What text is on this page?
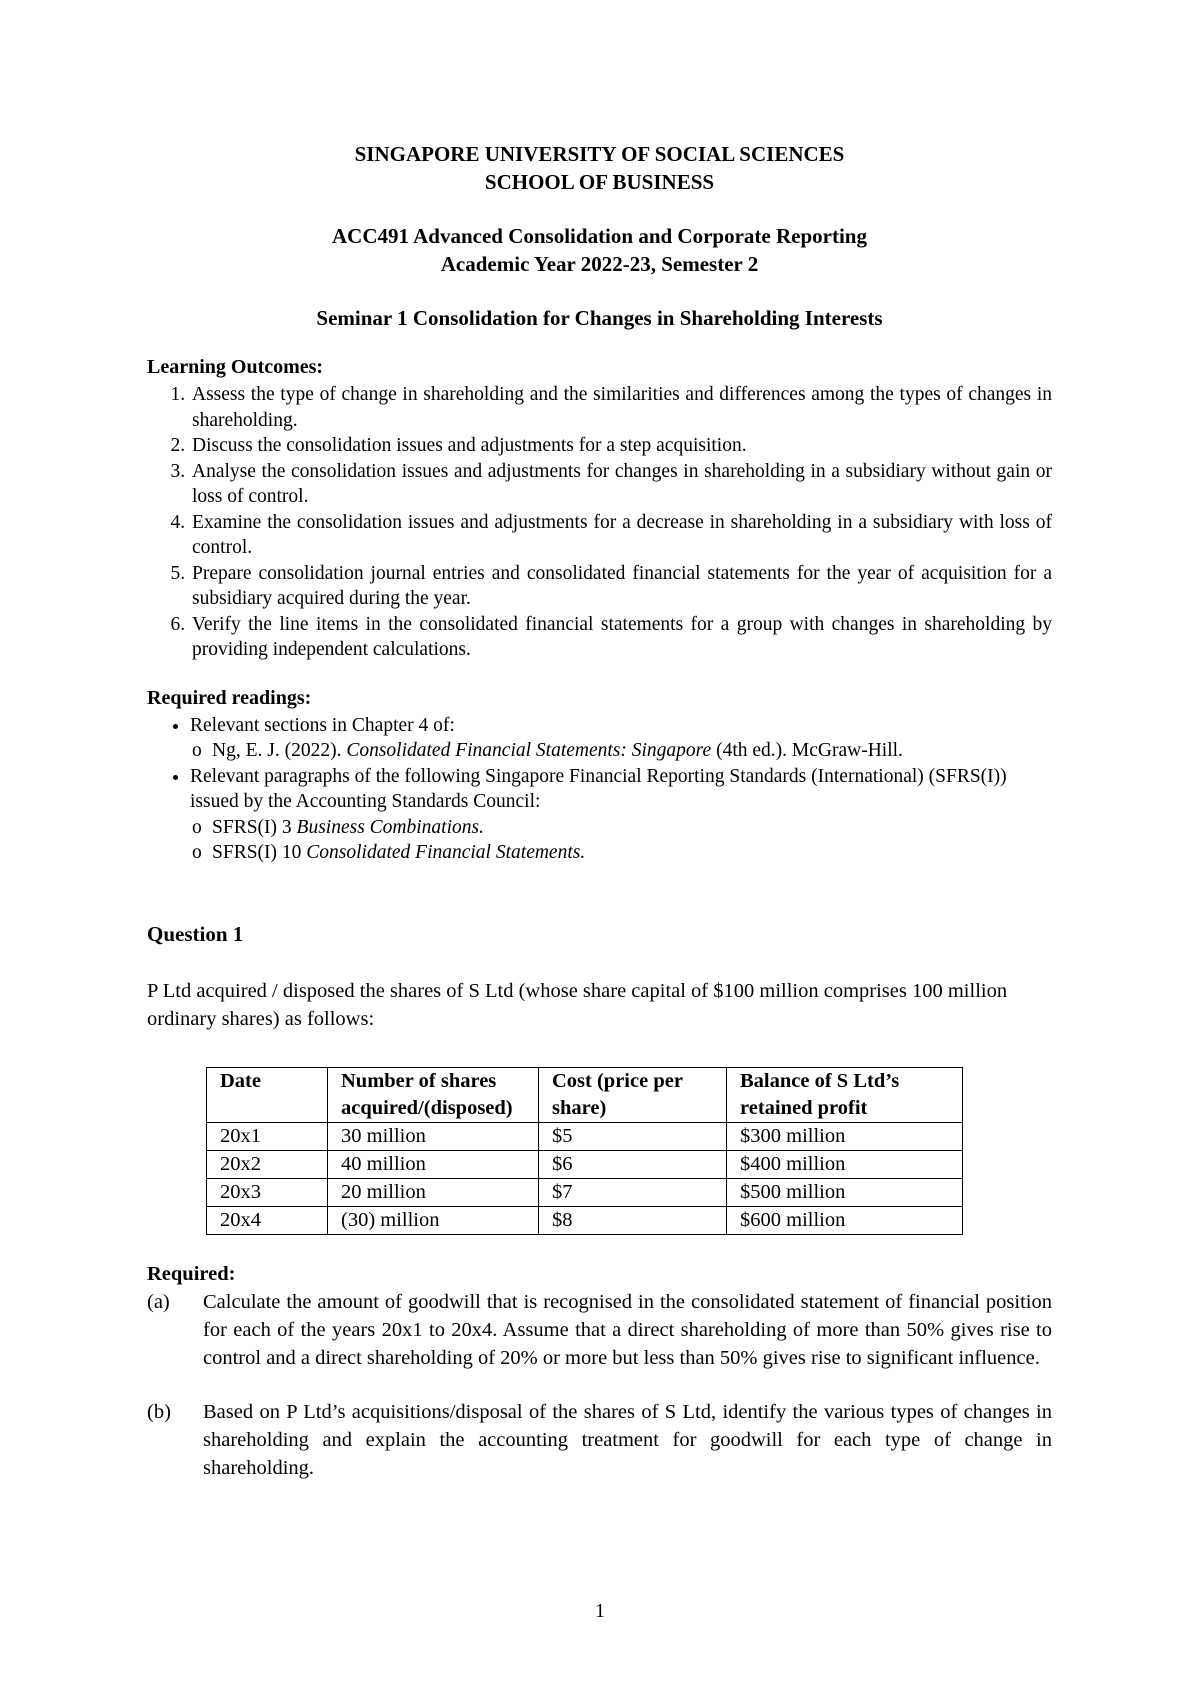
SINGAPORE UNIVERSITY OF SOCIAL SCIENCES
SCHOOL OF BUSINESS
ACC491 Advanced Consolidation and Corporate Reporting
Academic Year 2022-23, Semester 2
Seminar 1 Consolidation for Changes in Shareholding Interests
Learning Outcomes:
1. Assess the type of change in shareholding and the similarities and differences among the types of changes in shareholding.
2. Discuss the consolidation issues and adjustments for a step acquisition.
3. Analyse the consolidation issues and adjustments for changes in shareholding in a subsidiary without gain or loss of control.
4. Examine the consolidation issues and adjustments for a decrease in shareholding in a subsidiary with loss of control.
5. Prepare consolidation journal entries and consolidated financial statements for the year of acquisition for a subsidiary acquired during the year.
6. Verify the line items in the consolidated financial statements for a group with changes in shareholding by providing independent calculations.
Required readings:
• Relevant sections in Chapter 4 of:
o Ng, E. J. (2022). Consolidated Financial Statements: Singapore (4th ed.). McGraw-Hill.
• Relevant paragraphs of the following Singapore Financial Reporting Standards (International) (SFRS(I)) issued by the Accounting Standards Council:
o SFRS(I) 3 Business Combinations.
o SFRS(I) 10 Consolidated Financial Statements.
Question 1
P Ltd acquired / disposed the shares of S Ltd (whose share capital of $100 million comprises 100 million ordinary shares) as follows:
Date	Number of shares acquired/(disposed)	Cost (price per share)	Balance of S Ltd’s retained profit
20x1	30 million	$5	$300 million
20x2	40 million	$6	$400 million
20x3	20 million	$7	$500 million
20x4	(30) million	$8	$600 million
Required:
(a)	Calculate the amount of goodwill that is recognised in the consolidated statement of financial position for each of the years 20x1 to 20x4. Assume that a direct shareholding of more than 50% gives rise to control and a direct shareholding of 20% or more but less than 50% gives rise to significant influence.
(b)	Based on P Ltd’s acquisitions/disposal of the shares of S Ltd, identify the various types of changes in shareholding and explain the accounting treatment for goodwill for each type of change in shareholding.
1
